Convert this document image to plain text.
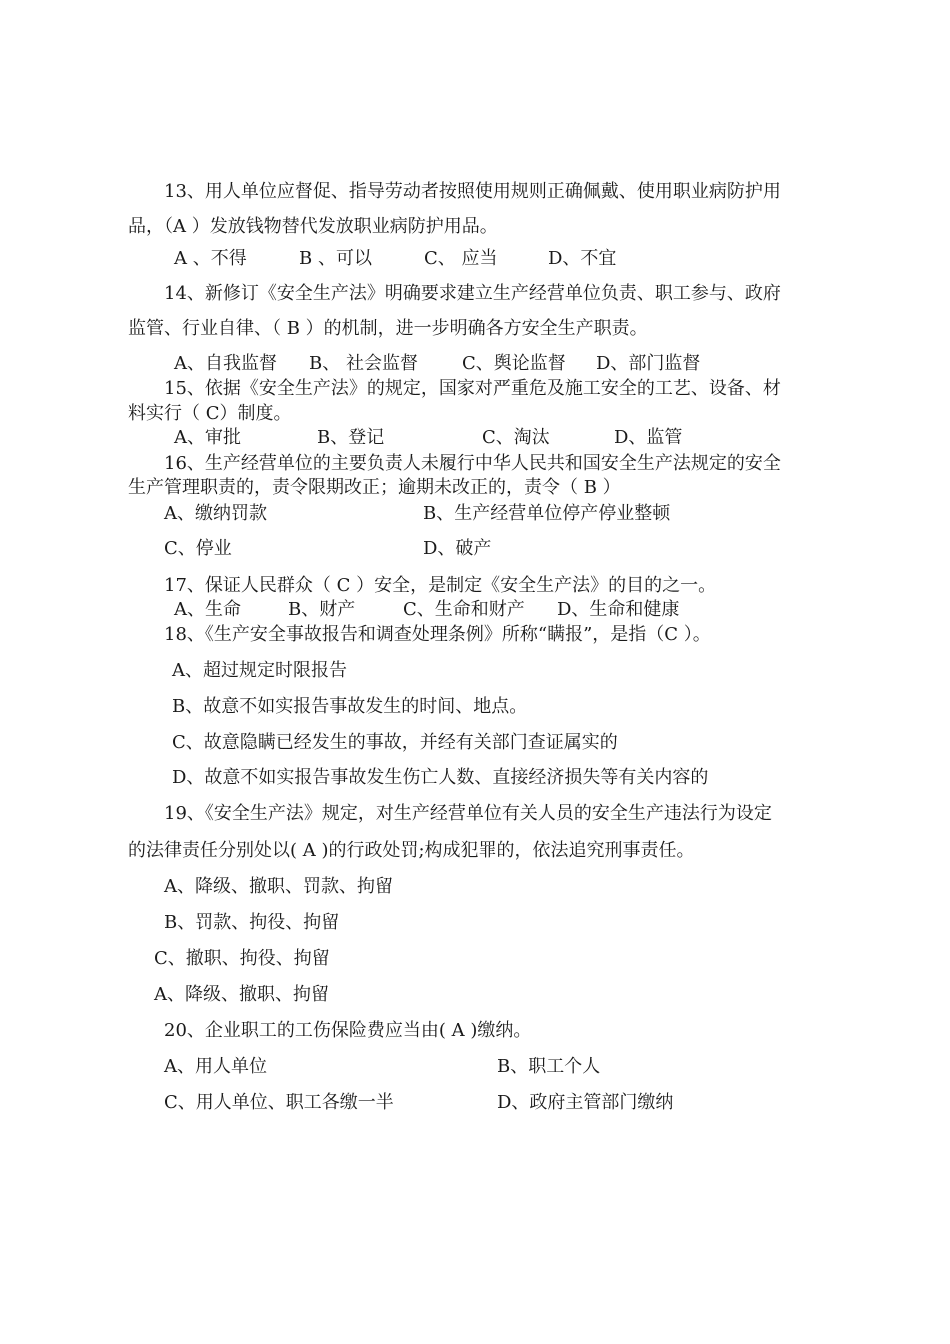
13、用人单位应督促、指导劳动者按照使用规则正确佩戴、使用职业病防护用
品，（A ）发放钱物替代发放职业病防护用品。
A 、不得	B 、可以	C、 应当	D、不宜
14、新修订《安全生产法》明确要求建立生产经营单位负责、职工参与、政府
监管、行业自律、（ B ）的机制，进一步明确各方安全生产职责。
A、自我监督 B、 社会监督 C、舆论监督 D、部门监督
15、依据《安全生产法》的规定，国家对严重危及施工安全的工艺、设备、材
料实行（ C）制度。
A、审批	B、登记	C、淘汰	D、监管
16、生产经营单位的主要负责人未履行中华人民共和国安全生产法规定的安全
生产管理职责的，责令限期改正；逾期未改正的，责令（ B ）
A、缴纳罚款	B、生产经营单位停产停业整顿
C、停业	D、破产
17、保证人民群众（ C ）安全，是制定《安全生产法》的目的之一。
A、生命	B、财产	C、生命和财产 D、生命和健康
18、《生产安全事故报告和调查处理条例》所称“瞒报”，是指（C ）。
A、超过规定时限报告
B、故意不如实报告事故发生的时间、地点。
C、故意隐瞒已经发生的事故，并经有关部门查证属实的
D、故意不如实报告事故发生伤亡人数、直接经济损失等有关内容的
19、《安全生产法》规定，对生产经营单位有关人员的安全生产违法行为设定
的法律责任分别处以( A )的行政处罚;构成犯罪的，依法追究刑事责任。
A、降级、撤职、罚款、拘留
B、罚款、拘役、拘留
C、撤职、拘役、拘留
A、降级、撤职、拘留
20、企业职工的工伤保险费应当由( A )缴纳。
A、用人单位	B、职工个人
C、用人单位、职工各缴一半	D、政府主管部门缴纳
